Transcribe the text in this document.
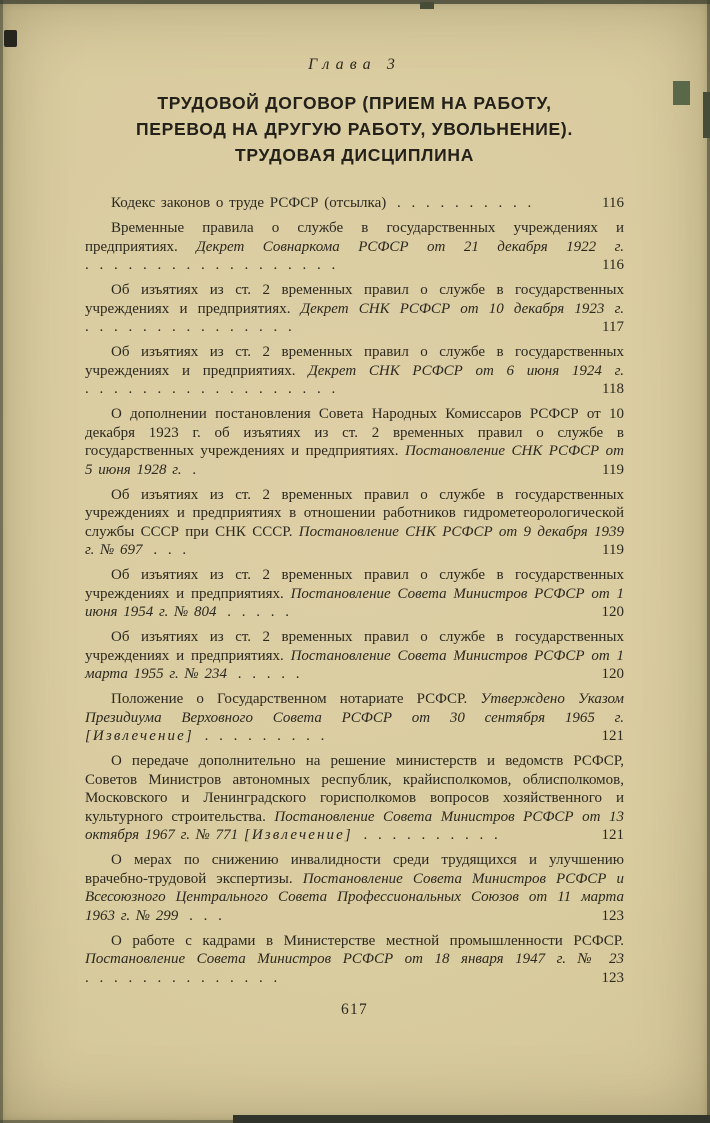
Глава 3
ТРУДОВОЙ ДОГОВОР (ПРИЕМ НА РАБОТУ,
ПЕРЕВОД НА ДРУГУЮ РАБОТУ, УВОЛЬНЕНИЕ).
ТРУДОВАЯ ДИСЦИПЛИНА
Кодекс законов о труде РСФСР (отсылка) . . . . . . . . . .	116
Временные правила о службе в государственных учреждениях и предприятиях. Декрет Совнаркома РСФСР от 21 декабря 1922 г. . . . . . . . . . . . . . . . . . .	116
Об изъятиях из ст. 2 временных правил о службе в государственных учреждениях и предприятиях. Декрет СНК РСФСР от 10 декабря 1923 г. . . . . . . . . . . . . . . .	117
Об изъятиях из ст. 2 временных правил о службе в государственных учреждениях и предприятиях. Декрет СНК РСФСР от 6 июня 1924 г. . . . . . . . . . . . . . . . . . .	118
О дополнении постановления Совета Народных Комиссаров РСФСР от 10 декабря 1923 г. об изъятиях из ст. 2 временных правил о службе в государственных учреждениях и предприятиях. Постановление СНК РСФСР от 5 июня 1928 г. .	119
Об изъятиях из ст. 2 временных правил о службе в государственных учреждениях и предприятиях в отношении работников гидрометеорологической службы СССР при СНК СССР. Постановление СНК РСФСР от 9 декабря 1939 г. № 697 . . .	119
Об изъятиях из ст. 2 временных правил о службе в государственных учреждениях и предприятиях. Постановление Совета Министров РСФСР от 1 июня 1954 г. № 804 . . . . .	120
Об изъятиях из ст. 2 временных правил о службе в государственных учреждениях и предприятиях. Постановление Совета Министров РСФСР от 1 марта 1955 г. № 234 . . . . .	120
Положение о Государственном нотариате РСФСР. Утверждено Указом Президиума Верховного Совета РСФСР от 30 сентября 1965 г. [Извлечение] . . . . . . . . .	121
О передаче дополнительно на решение министерств и ведомств РСФСР, Советов Министров автономных республик, крайисполкомов, облисполкомов, Московского и Ленинградского горисполкомов вопросов хозяйственного и культурного строительства. Постановление Совета Министров РСФСР от 13 октября 1967 г. № 771 [Извлечение] . . . . . . . . . .	121
О мерах по снижению инвалидности среди трудящихся и улучшению врачебно-трудовой экспертизы. Постановление Совета Министров РСФСР и Всесоюзного Центрального Совета Профессиональных Союзов от 11 марта 1963 г. № 299 . . .	123
О работе с кадрами в Министерстве местной промышленности РСФСР. Постановление Совета Министров РСФСР от 18 января 1947 г. № 23 . . . . . . . . . . . . . .	123
617
